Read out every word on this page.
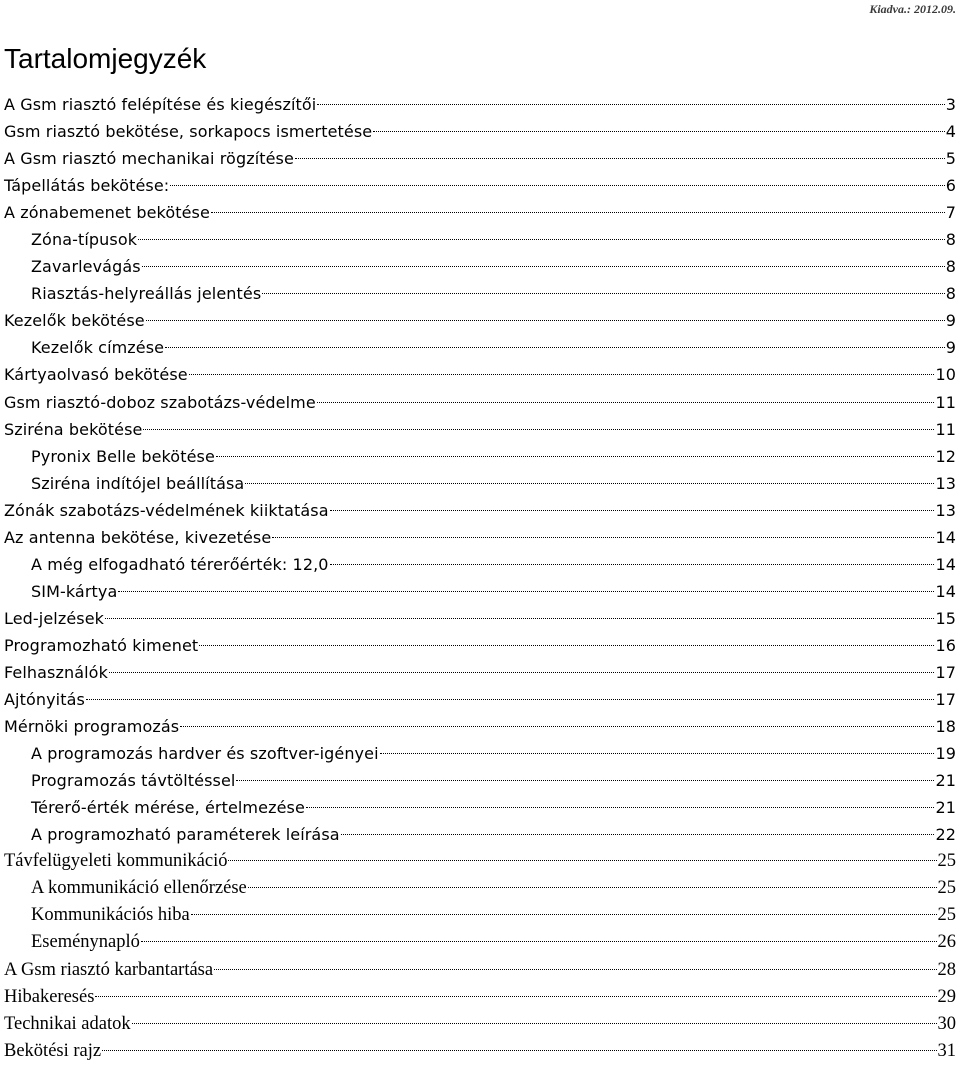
Kiadva.: 2012.09.
Tartalomjegyzék
A Gsm riasztó felépítése és kiegészítői	3
Gsm riasztó bekötése, sorkapocs ismertetése	4
A Gsm riasztó mechanikai rögzítése	5
Tápellátás bekötése:	6
A zónabemenet bekötése	7
Zóna-típusok	8
Zavarlevágás	8
Riasztás-helyreállás jelentés	8
Kezelők bekötése	9
Kezelők címzése	9
Kártyaolvasó bekötése	10
Gsm riasztó-doboz szabotázs-védelme	11
Sziréna bekötése	11
Pyronix Belle bekötése	12
Sziréna indítójel beállítása	13
Zónák szabotázs-védelmének kiiktatása	13
Az antenna bekötése, kivezetése	14
A még elfogadható térerőérték: 12,0	14
SIM-kártya	14
Led-jelzések	15
Programozható kimenet	16
Felhasználók	17
Ajtónyitás	17
Mérnöki programozás	18
A programozás hardver és szoftver-igényei	19
Programozás távtöltéssel	21
Térerő-érték mérése, értelmezése	21
A programozható paraméterek leírása	22
Távfelügyeleti kommunikáció	25
A kommunikáció ellenőrzése	25
Kommunikációs hiba	25
Eseménynapló	26
A Gsm riasztó karbantartása	28
Hibakeresés	29
Technikai adatok	30
Bekötési rajz	31
